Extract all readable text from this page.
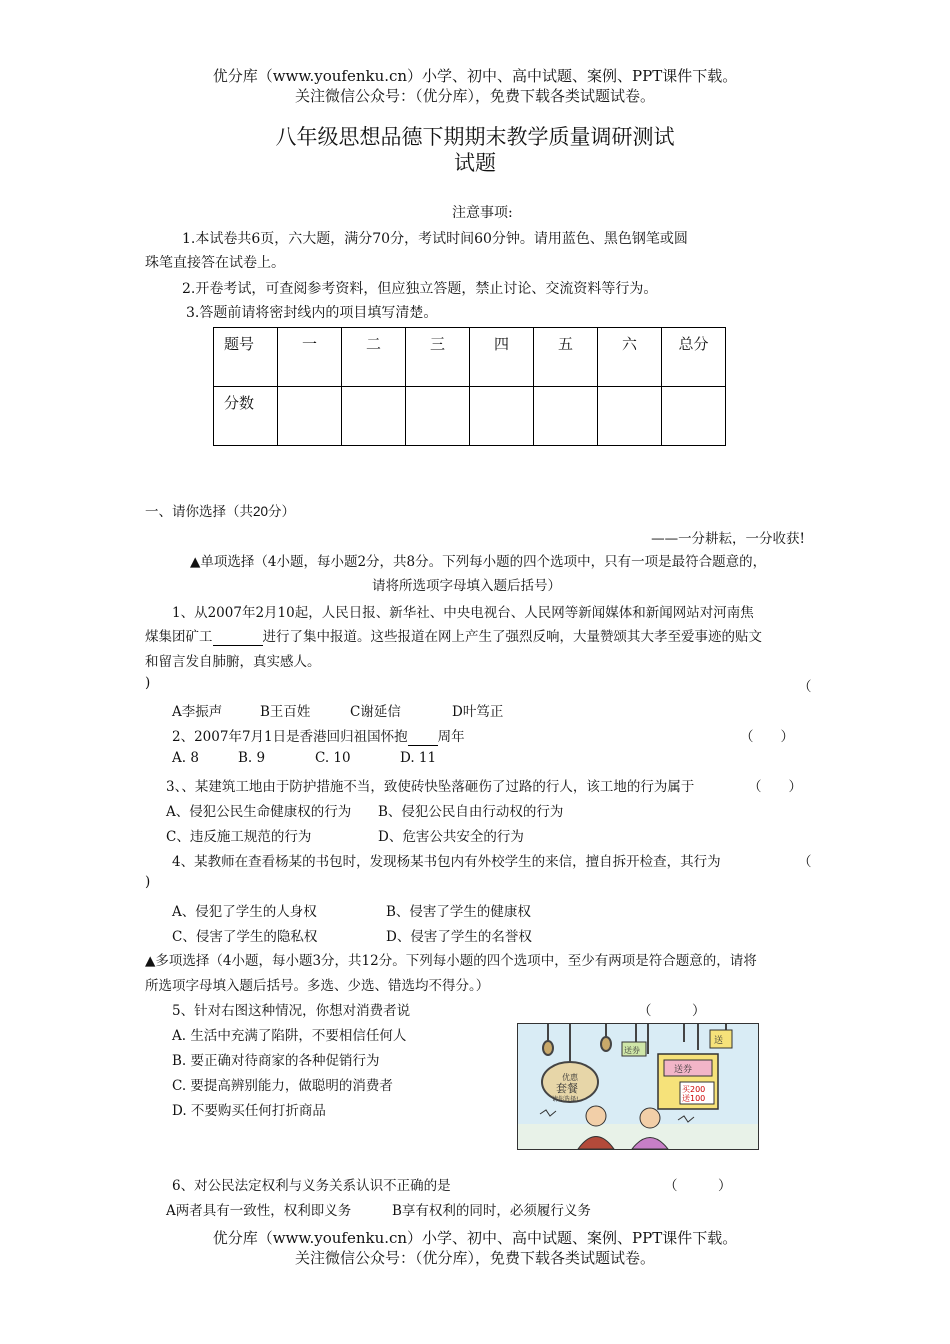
优分库（www.youfenku.cn）小学、初中、高中试题、案例、PPT课件下载。
关注微信公众号：（优分库），免费下载各类试题试卷。
八年级思想品德下期期末教学质量调研测试
试题
注意事项:
1.本试卷共6页，六大题，满分70分，考试时间60分钟。请用蓝色、黑色钢笔或圆
珠笔直接答在试卷上。
2.开卷考试，可查阅参考资料，但应独立答题，禁止讨论、交流资料等行为。
3.答题前请将密封线内的项目填写清楚。
题号	一	二	三	四	五	六	总分
分数							
一、请你选择（共20分）
——一分耕耘，一分收获!
▲单项选择（4小题，每小题2分，共8分。下列每小题的四个选项中，只有一项是最符合题意的，
请将所选项字母填入题后括号）
1、从2007年2月10起，人民日报、新华社、中央电视台、人民网等新闻媒体和新闻网站对河南焦
煤集团矿工	进行了集中报道。这些报道在网上产生了强烈反响，大量赞颂其大孝至爱事迹的贴文
和留言发自肺腑，真实感人。
（
)
A李振声	B王百姓	C谢延信	D叶笃正
2、2007年7月1日是香港回归祖国怀抱 周年	（　　）
A. 8	B. 9	C. 10	D. 11
3、、某建筑工地由于防护措施不当，致使砖快坠落砸伤了过路的行人，该工地的行为属于	（　　）
A、侵犯公民生命健康权的行为 B、侵犯公民自由行动权的行为
C、违反施工规范的行为	D、危害公共安全的行为
4、某教师在查看杨某的书包时，发现杨某书包内有外校学生的来信，擅自拆开检查，其行为	（
)
A、侵犯了学生的人身权	B、侵害了学生的健康权
C、侵害了学生的隐私权	D、侵害了学生的名誉权
▲多项选择（4小题，每小题3分，共12分。下列每小题的四个选项中，至少有两项是符合题意的，请将
所选项字母填入题后括号。多选、少选、错选均不得分。）
5、针对右图这种情况，你想对消费者说	（　　　）
A. 生活中充满了陷阱，不要相信任何人
B. 要正确对待商家的各种促销行为
C. 要提高辨别能力，做聪明的消费者
D. 不要购买任何打折商品
优惠
套餐
请你选择!
送券
买200
送100
送
送券
6、对公民法定权利与义务关系认识不正确的是	（　　　）
A两者具有一致性，权利即义务	B享有权利的同时，必须履行义务
优分库（www.youfenku.cn）小学、初中、高中试题、案例、PPT课件下载。
关注微信公众号：（优分库），免费下载各类试题试卷。
